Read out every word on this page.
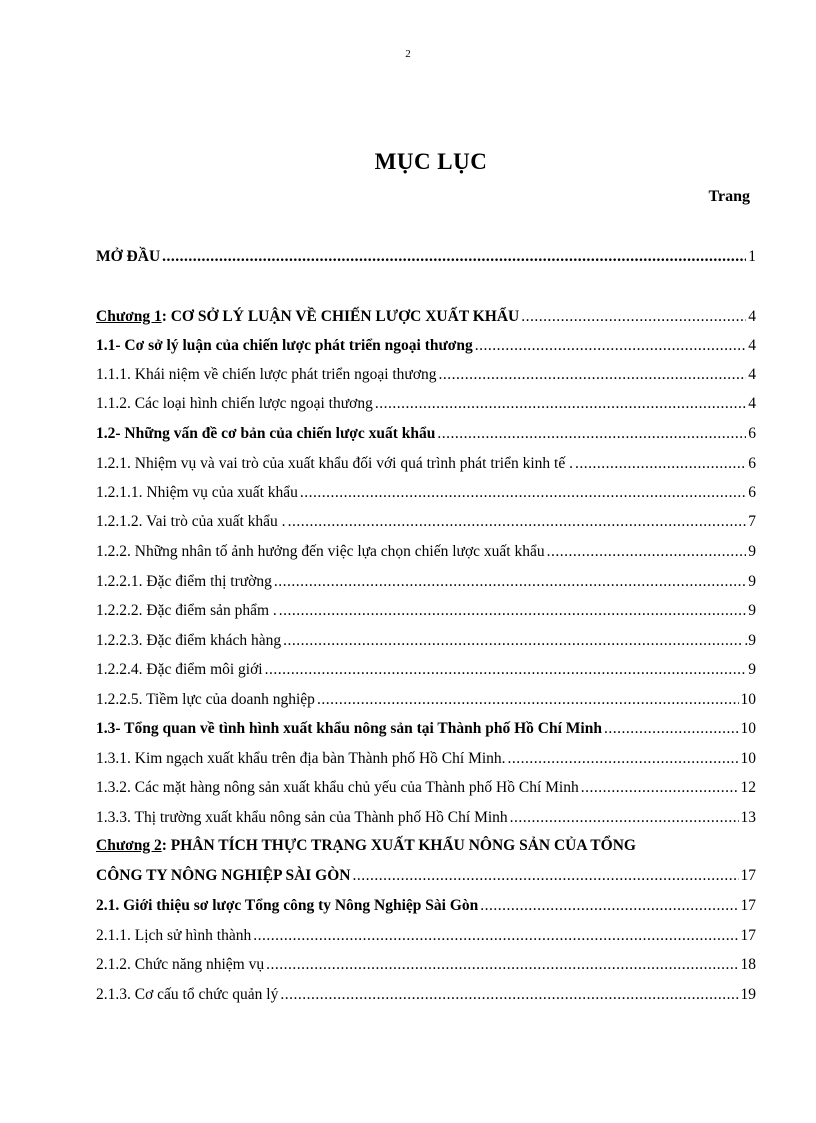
2
MỤC LỤC
Trang
MỞ ĐẦU .....	1
Chương 1: CƠ SỞ LÝ LUẬN VỀ CHIẾN LƯỢC XUẤT KHẨU .....	4
1.1- Cơ sở lý luận của chiến lược phát triển ngoại thương .....	4
1.1.1. Khái niệm về chiến lược phát triển ngoại thương .....	4
1.1.2. Các loại hình chiến lược ngoại thương .....	4
1.2- Những vấn đề cơ bản của chiến lược xuất khẩu .....	6
1.2.1. Nhiệm vụ và vai trò của xuất khẩu đối với quá trình phát triển kinh tế . .....	6
1.2.1.1. Nhiệm vụ của xuất khẩu .....	6
1.2.1.2. Vai trò của xuất khẩu . .....	7
1.2.2. Những nhân tố ảnh hưởng đến việc lựa chọn chiến lược xuất khẩu .....	9
1.2.2.1. Đặc điểm thị trường .....	9
1.2.2.2. Đặc điểm sản phẩm . .....	9
1.2.2.3. Đặc điểm khách hàng .....	.9
1.2.2.4. Đặc điểm môi giới .....	9
1.2.2.5. Tiềm lực của doanh nghiệp .....	10
1.3- Tổng quan về tình hình xuất khẩu nông sản tại Thành phố Hồ Chí Minh .....	10
1.3.1. Kim ngạch xuất khẩu trên địa bàn Thành phố Hồ Chí Minh. .....	10
1.3.2. Các mặt hàng nông sản xuất khẩu chủ yếu của Thành phố Hồ Chí Minh .....	12
1.3.3. Thị trường xuất khẩu nông sản của Thành phố Hồ Chí Minh .....	13
Chương 2: PHÂN TÍCH THỰC TRẠNG XUẤT KHẨU NÔNG SẢN CỦA TỔNG
CÔNG TY NÔNG NGHIỆP SÀI GÒN .....	17
2.1. Giới thiệu sơ lược Tổng công ty Nông Nghiệp Sài Gòn .....	17
2.1.1. Lịch sử hình thành .....	17
2.1.2. Chức năng nhiệm vụ .....	18
2.1.3. Cơ cấu tổ chức quản lý .....	19
